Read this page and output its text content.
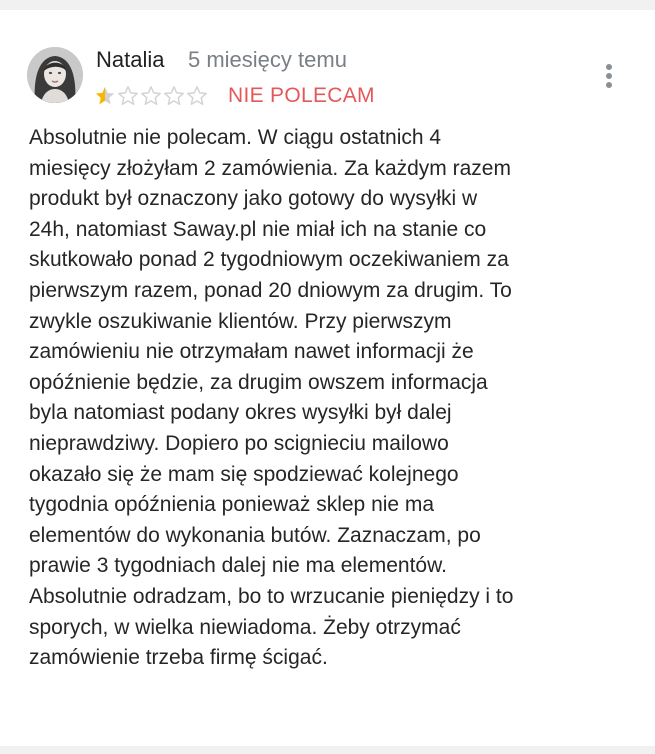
Natalia 5 miesięcy temu
NIE POLECAM

Absolutnie nie polecam. W ciągu ostatnich 4
miesięcy złożyłam 2 zamówienia. Za każdym razem
produkt był oznaczony jako gotowy do wysyłki w
24h, natomiast Saway.pl nie miał ich na stanie co
skutkowało ponad 2 tygodniowym oczekiwaniem za
pierwszym razem, ponad 20 dniowym za drugim. To
zwykle oszukiwanie klientów. Przy pierwszym
zamówieniu nie otrzymałam nawet informacji że
opóźnienie będzie, za drugim owszem informacja
byla natomiast podany okres wysyłki był dalej
nieprawdziwy. Dopiero po scignieciu mailowo
okazało się że mam się spodziewać kolejnego
tygodnia opóźnienia ponieważ sklep nie ma
elementów do wykonania butów. Zaznaczam, po
prawie 3 tygodniach dalej nie ma elementów.
Absolutnie odradzam, bo to wrzucanie pieniędzy i to
sporych, w wielka niewiadoma. Żeby otrzymać
zamówienie trzeba firmę ścigać.
